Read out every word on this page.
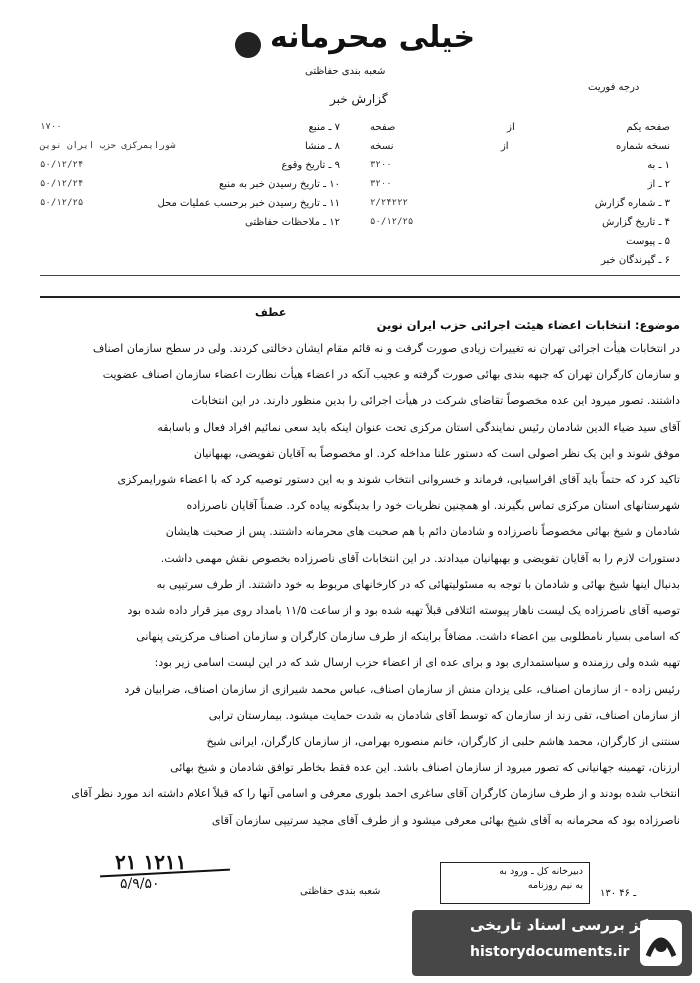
خیلی محرمانه
شعبه بندی حفاظتی
گزارش خبر
درجه فوریت
صفحه یکم
از
صفحه
نسخه شماره
از
نسخه
۱ ـ به
۳۲۰۰
۲ ـ از
۳۲۰۰
۳ ـ شماره گزارش
۲/۲۴۲۲۲
۴ ـ تاریخ گزارش
۵۰/۱۲/۲۵
۵ ـ پیوست
۶ ـ گیرندگان خبر
۷ ـ منبع
۱۷۰۰
۸ ـ منشا
شورایمرکزی حزب ایران نوین
۹ ـ تاریخ وقوع
۵۰/۱۲/۲۴
۱۰ ـ تاریخ رسیدن خبر به منبع
۵۰/۱۲/۲۴
۱۱ ـ تاریخ رسیدن خبر برحسب عملیات محل
۵۰/۱۲/۲۵
۱۲ ـ ملاحظات حفاظتی
عطف
موضوع: انتخابات اعضاء هیئت اجرائی حزب ایران نوین

در انتخابات هیأت اجرائی تهران نه تغییرات زیادی صورت گرفت و نه قائم مقام ایشان دخالتی کردند. ولی در سطح سازمان اصناف

و سازمان کارگران تهران که جبهه بندی بهائی صورت گرفته و عجیب آنکه در اعضاء هیأت نظارت اعضاء سازمان اصناف عضویت

داشتند. تصور میرود این عده مخصوصاً تقاضای شرکت در هیأت اجرائی را بدین منظور دارند. در این انتخابات

آقای سید ضیاء الدین شادمان رئیس نمایندگی استان مرکزی تحت عنوان اینکه باید سعی نمائیم افراد فعال و باسابقه

موفق شوند و این یک نظر اصولی است که دستور علنا مداخله کرد. او مخصوصاً به آقایان تفویضی، بهبهانیان

تاکید کرد که حتماً باید آقای اقراسیابی، فرماند و خسروانی انتخاب شوند و به این دستور توصیه کرد که با اعضاء شورایمرکزی

شهرستانهای استان مرکزی تماس بگیرند. او همچنین نظریات خود را بدینگونه پیاده کرد. ضمناً آقایان ناصرزاده

شادمان و شیخ بهائی مخصوصاً ناصرزاده و شادمان دائم با هم صحبت های محرمانه داشتند. پس از صحبت هایشان

دستورات لازم را به آقایان تفویضی و بهبهانیان میدادند. در این انتخابات آقای ناصرزاده بخصوص نقش مهمی داشت.

بدنبال اینها شیخ بهائی و شادمان با توجه به مسئولیتهائی که در کارخانهای مربوط به خود داشتند. از طرف سرتیپی به

توصیه آقای ناصرزاده یک لیست ناهار پیوسته ائتلافی قبلاً تهیه شده بود و از ساعت ۱۱/۵ بامداد روی میز قرار داده شده بود

که اسامی بسیار نامطلوبی بین اعضاء داشت. مضافاً براینکه از طرف سازمان کارگران و سازمان اصناف مرکزیتی پنهانی

تهیه شده ولی رزمنده و سیاستمداری بود و برای عده ای از اعضاء حزب ارسال شد که در این لیست اسامی زیر بود:

رئیس زاده - از سازمان اصناف، علی یزدان منش از سازمان اصناف، عباس محمد شیرازی از سازمان اصناف، ضرابیان فرد

از سازمان اصناف، تقی زند از سازمان که توسط آقای شادمان به شدت حمایت میشود. بیمارستان ترابی

سنتنی از کارگران، محمد هاشم حلبی از کارگران، خانم منصوره بهرامی، از سازمان کارگران، ایرانی شیخ

ارزنان، تهمینه جهانیانی که تصور میرود از سازمان اصناف باشد. این عده فقط بخاطر توافق شادمان و شیخ بهائی

انتخاب شده بودند و از طرف سازمان کارگران آقای ساغری احمد بلوری معرفی و اسامی آنها را که قبلاً اعلام داشته اند مورد نظر آقای

ناصرزاده بود که محرمانه به آقای شیخ بهائی معرفی میشود و از طرف آقای مجید سرتیپی سازمان آقای

۲۱ ۱۲۱۱
۵/۹/۵۰	شعبه بندی حفاظتی
دبیرخانه کل ـ ورود به
به نیم روزنامه
۱۳۰ ـ ۴۶
مرکز بررسی اسناد تاریخی
historydocuments.ir
